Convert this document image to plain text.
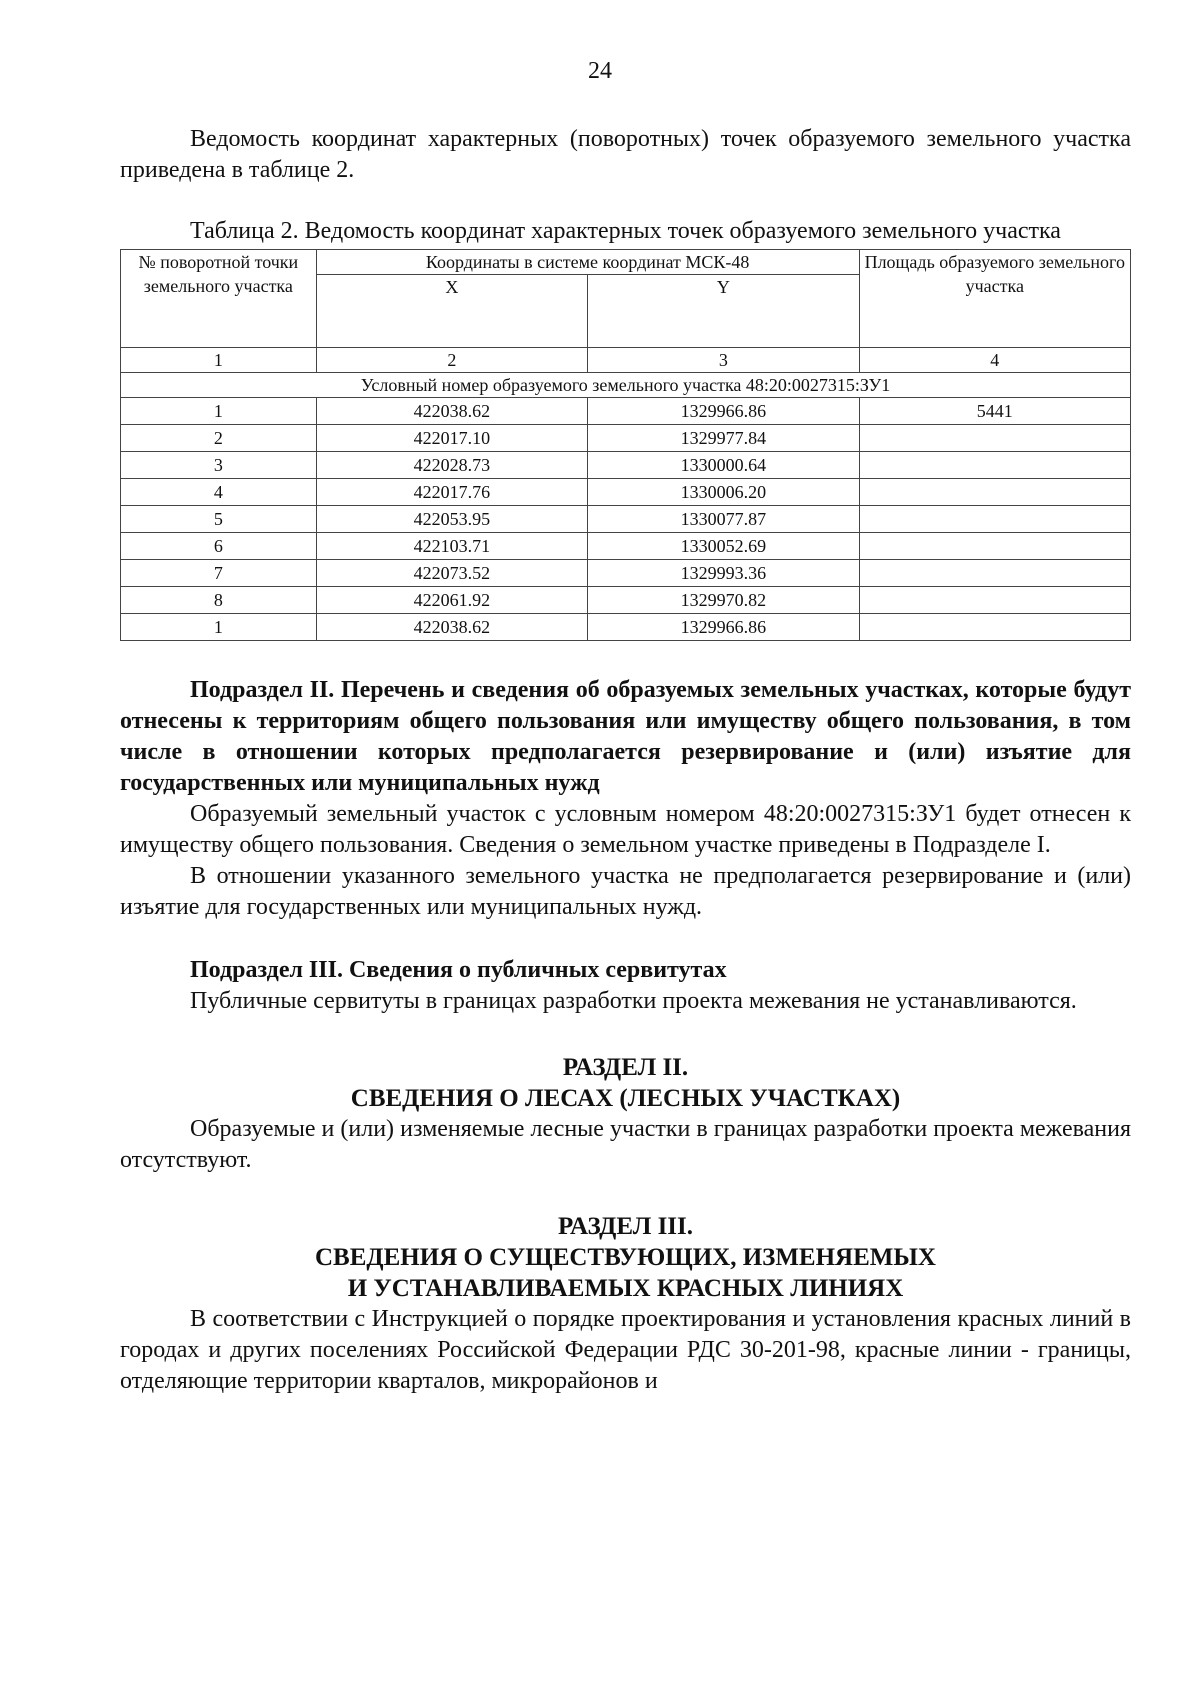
24

Ведомость координат характерных (поворотных) точек образуемого земельного участка приведена в таблице 2.

Таблица 2. Ведомость координат характерных точек образуемого земельного участка

№ поворотной точки земельного участка	Координаты в системе координат МСК-48		Площадь образуемого земельного участка
	X	Y	
1	2	3	4
Условный номер образуемого земельного участка 48:20:0027315:ЗУ1			
1	422038.62	1329966.86	5441
2	422017.10	1329977.84	
3	422028.73	1330000.64	
4	422017.76	1330006.20	
5	422053.95	1330077.87	
6	422103.71	1330052.69	
7	422073.52	1329993.36	
8	422061.92	1329970.82	
1	422038.62	1329966.86	

Подраздел II. Перечень и сведения об образуемых земельных участках, которые будут отнесены к территориям общего пользования или имуществу общего пользования, в том числе в отношении которых предполагается резервирование и (или) изъятие для государственных или муниципальных нужд

Образуемый земельный участок с условным номером 48:20:0027315:ЗУ1 будет отнесен к имуществу общего пользования. Сведения о земельном участке приведены в Подразделе I.

В отношении указанного земельного участка не предполагается резервирование и (или) изъятие для государственных или муниципальных нужд.

Подраздел III. Сведения о публичных сервитутах

Публичные сервитуты в границах разработки проекта межевания не устанавливаются.

РАЗДЕЛ II.
СВЕДЕНИЯ О ЛЕСАХ (ЛЕСНЫХ УЧАСТКАХ)

Образуемые и (или) изменяемые лесные участки в границах разработки проекта межевания отсутствуют.

РАЗДЕЛ III.
СВЕДЕНИЯ О СУЩЕСТВУЮЩИХ, ИЗМЕНЯЕМЫХ
И УСТАНАВЛИВАЕМЫХ КРАСНЫХ ЛИНИЯХ

В соответствии с Инструкцией о порядке проектирования и установления красных линий в городах и других поселениях Российской Федерации РДС 30-201-98, красные линии - границы, отделяющие территории кварталов, микрорайонов и
